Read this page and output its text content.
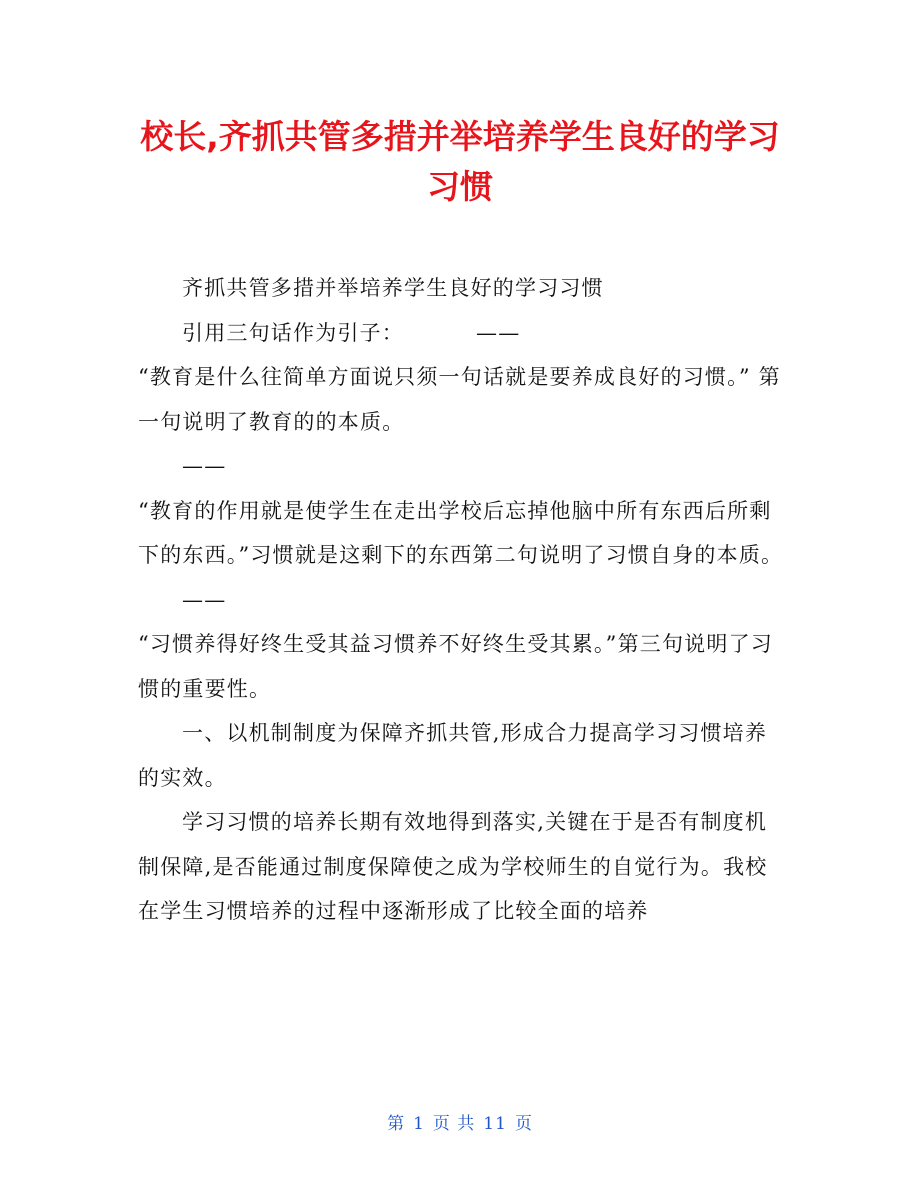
校长,齐抓共管多措并举培养学生良好的学习习惯

齐抓共管多措并举培养学生良好的学习习惯

引用三句话作为引子：	——

“教育是什么往简单方面说只须一句话就是要养成良好的习惯。” 第一句说明了教育的的本质。

——

“教育的作用就是使学生在走出学校后忘掉他脑中所有东西后所剩下的东西。”习惯就是这剩下的东西第二句说明了习惯自身的本质。

——

“习惯养得好终生受其益习惯养不好终生受其累。”第三句说明了习惯的重要性。

一、以机制制度为保障齐抓共管,形成合力提高学习习惯培养的实效。

学习习惯的培养长期有效地得到落实,关键在于是否有制度机制保障,是否能通过制度保障使之成为学校师生的自觉行为。我校在学生习惯培养的过程中逐渐形成了比较全面的培养

第 1 页 共 11 页
